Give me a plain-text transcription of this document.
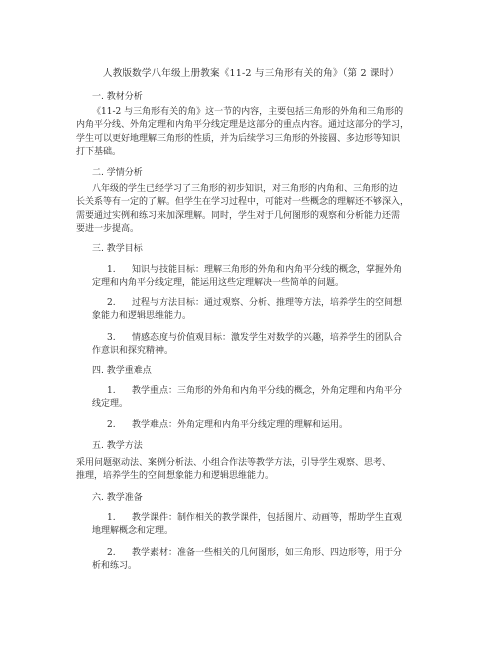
人教版数学八年级上册教案《11-2 与三角形有关的角》（第 2 课时）
一. 教材分析
《11-2 与三角形有关的角》这一节的内容，主要包括三角形的外角和三角形的
内角平分线、外角定理和内角平分线定理是这部分的重点内容。通过这部分的学习，
学生可以更好地理解三角形的性质，并为后续学习三角形的外接圆、多边形等知识
打下基础。
二. 学情分析
八年级的学生已经学习了三角形的初步知识，对三角形的内角和、三角形的边
长关系等有一定的了解。但学生在学习过程中，可能对一些概念的理解还不够深入，
需要通过实例和练习来加深理解。同时，学生对于几何图形的观察和分析能力还需
要进一步提高。
三. 教学目标
1. 知识与技能目标：理解三角形的外角和内角平分线的概念，掌握外角
定理和内角平分线定理，能运用这些定理解决一些简单的问题。
2. 过程与方法目标：通过观察、分析、推理等方法，培养学生的空间想
象能力和逻辑思维能力。
3. 情感态度与价值观目标：激发学生对数学的兴趣，培养学生的团队合
作意识和探究精神。
四. 教学重难点
1. 教学重点：三角形的外角和内角平分线的概念，外角定理和内角平分
线定理。
2. 教学难点：外角定理和内角平分线定理的理解和运用。
五. 教学方法
采用问题驱动法、案例分析法、小组合作法等教学方法，引导学生观察、思考、
推理，培养学生的空间想象能力和逻辑思维能力。
六. 教学准备
1. 教学课件：制作相关的教学课件，包括图片、动画等，帮助学生直观
地理解概念和定理。
2. 教学素材：准备一些相关的几何图形，如三角形、四边形等，用于分
析和练习。
